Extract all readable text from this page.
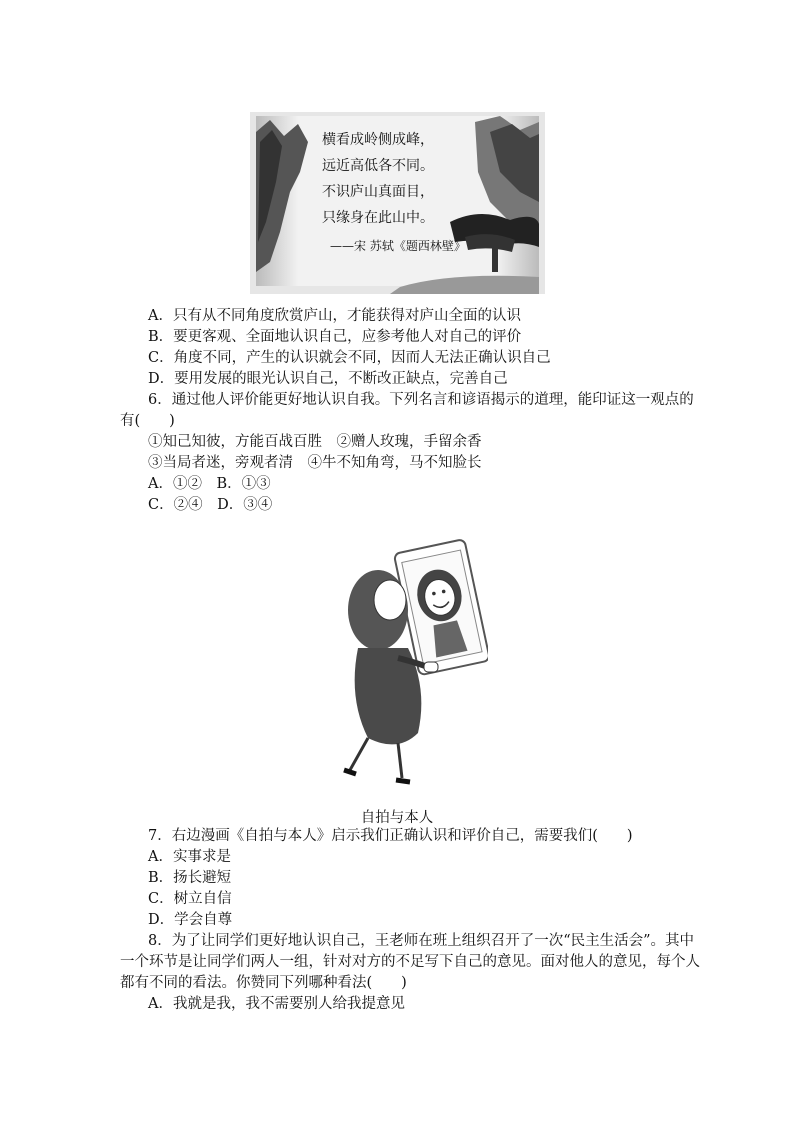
横看成岭侧成峰，
远近高低各不同。
不识庐山真面目，
只缘身在此山中。
——宋 苏轼《题西林壁》
A．只有从不同角度欣赏庐山，才能获得对庐山全面的认识
B．要更客观、全面地认识自己，应参考他人对自己的评价
C．角度不同，产生的认识就会不同，因而人无法正确认识自己
D．要用发展的眼光认识自己，不断改正缺点，完善自己
6．通过他人评价能更好地认识自我。下列名言和谚语揭示的道理，能印证这一观点的
有(　　)
①知己知彼，方能百战百胜　②赠人玫瑰，手留余香
③当局者迷，旁观者清　④牛不知角弯，马不知脸长
A．①②　B．①③
C．②④　D．③④
自拍与本人
7．右边漫画《自拍与本人》启示我们正确认识和评价自己，需要我们(　　)
A．实事求是
B．扬长避短
C．树立自信
D．学会自尊
8．为了让同学们更好地认识自己，王老师在班上组织召开了一次“民主生活会”。其中
一个环节是让同学们两人一组，针对对方的不足写下自己的意见。面对他人的意见，每个人
都有不同的看法。你赞同下列哪种看法(　　)
A．我就是我，我不需要别人给我提意见
